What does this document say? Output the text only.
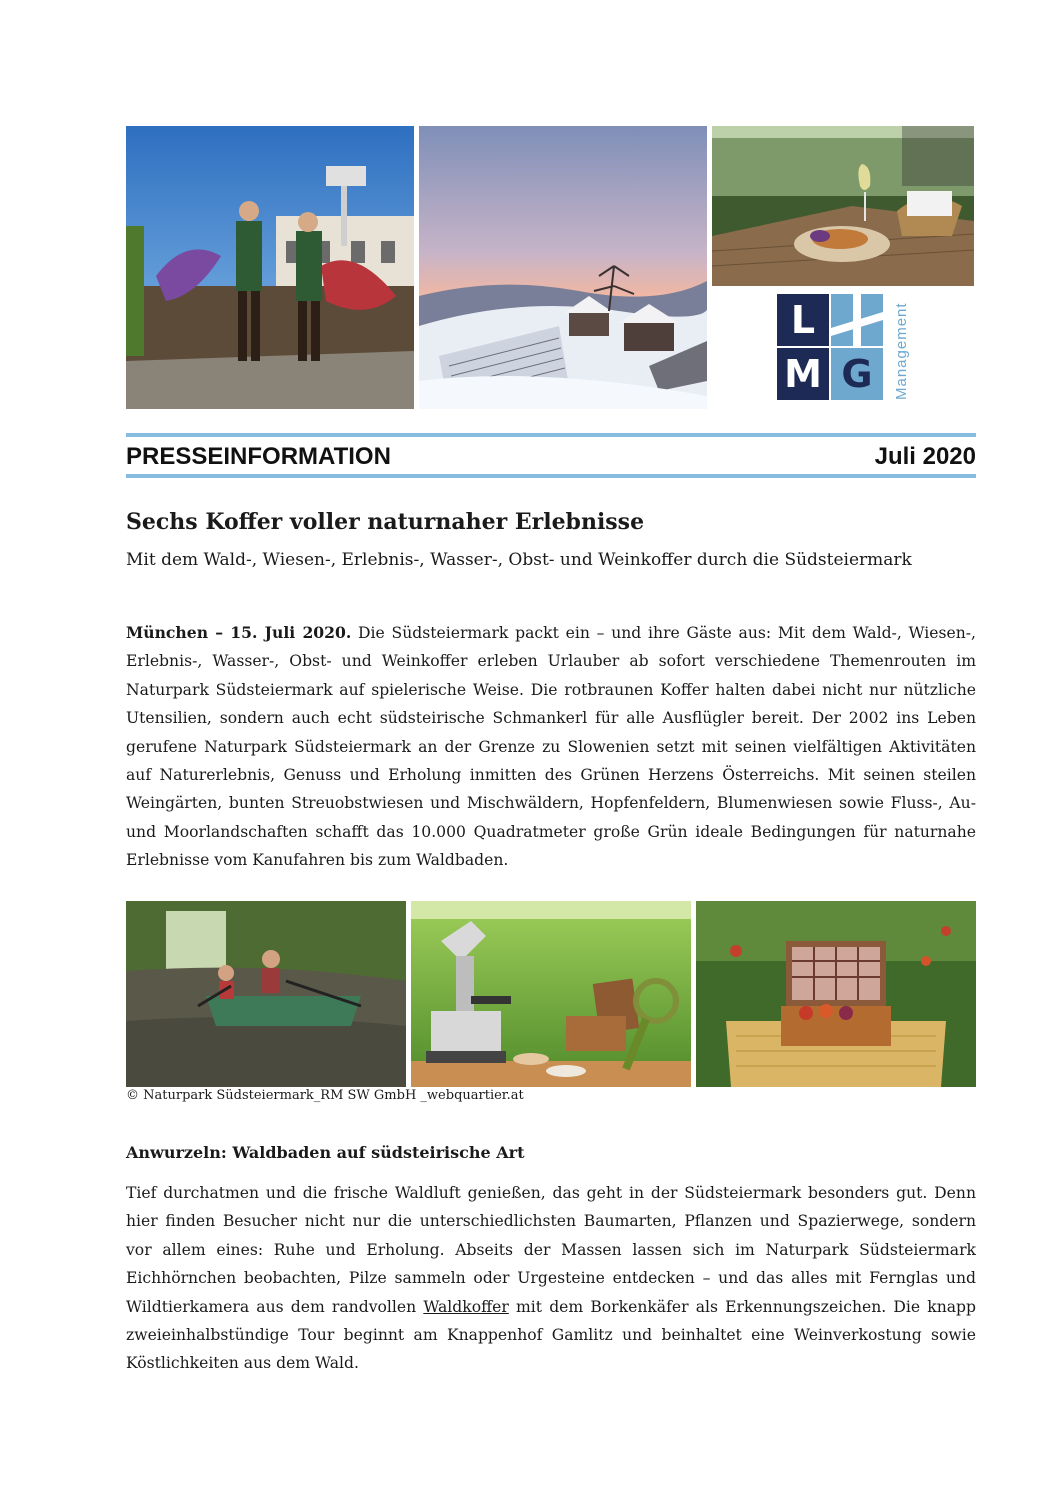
L
M G	Management
PRESSEINFORMATION	Juli 2020
Sechs Koffer voller naturnaher Erlebnisse
Mit dem Wald-, Wiesen-, Erlebnis-, Wasser-, Obst- und Weinkoffer durch die Südsteiermark
München – 15. Juli 2020. Die Südsteiermark packt ein – und ihre Gäste aus: Mit dem Wald-, Wiesen-, Erlebnis-, Wasser-, Obst- und Weinkoffer erleben Urlauber ab sofort verschiedene Themenrouten im Naturpark Südsteiermark auf spielerische Weise. Die rotbraunen Koffer halten dabei nicht nur nützliche Utensilien, sondern auch echt südsteirische Schmankerl für alle Ausflügler bereit. Der 2002 ins Leben gerufene Naturpark Südsteiermark an der Grenze zu Slowenien setzt mit seinen vielfältigen Aktivitäten auf Naturerlebnis, Genuss und Erholung inmitten des Grünen Herzens Österreichs. Mit seinen steilen Weingärten, bunten Streuobstwiesen und Mischwäldern, Hopfenfeldern, Blumenwiesen sowie Fluss-, Au- und Moorlandschaften schafft das 10.000 Quadratmeter große Grün ideale Bedingungen für naturnahe Erlebnisse vom Kanufahren bis zum Waldbaden.
© Naturpark Südsteiermark_RM SW GmbH _webquartier.at
Anwurzeln: Waldbaden auf südsteirische Art
Tief durchatmen und die frische Waldluft genießen, das geht in der Südsteiermark besonders gut. Denn hier finden Besucher nicht nur die unterschiedlichsten Baumarten, Pflanzen und Spazierwege, sondern vor allem eines: Ruhe und Erholung. Abseits der Massen lassen sich im Naturpark Südsteiermark Eichhörnchen beobachten, Pilze sammeln oder Urgesteine entdecken – und das alles mit Fernglas und Wildtierkamera aus dem randvollen Waldkoffer mit dem Borkenkäfer als Erkennungszeichen. Die knapp zweieinhalbstündige Tour beginnt am Knappenhof Gamlitz und beinhaltet eine Weinverkostung sowie Köstlichkeiten aus dem Wald.
